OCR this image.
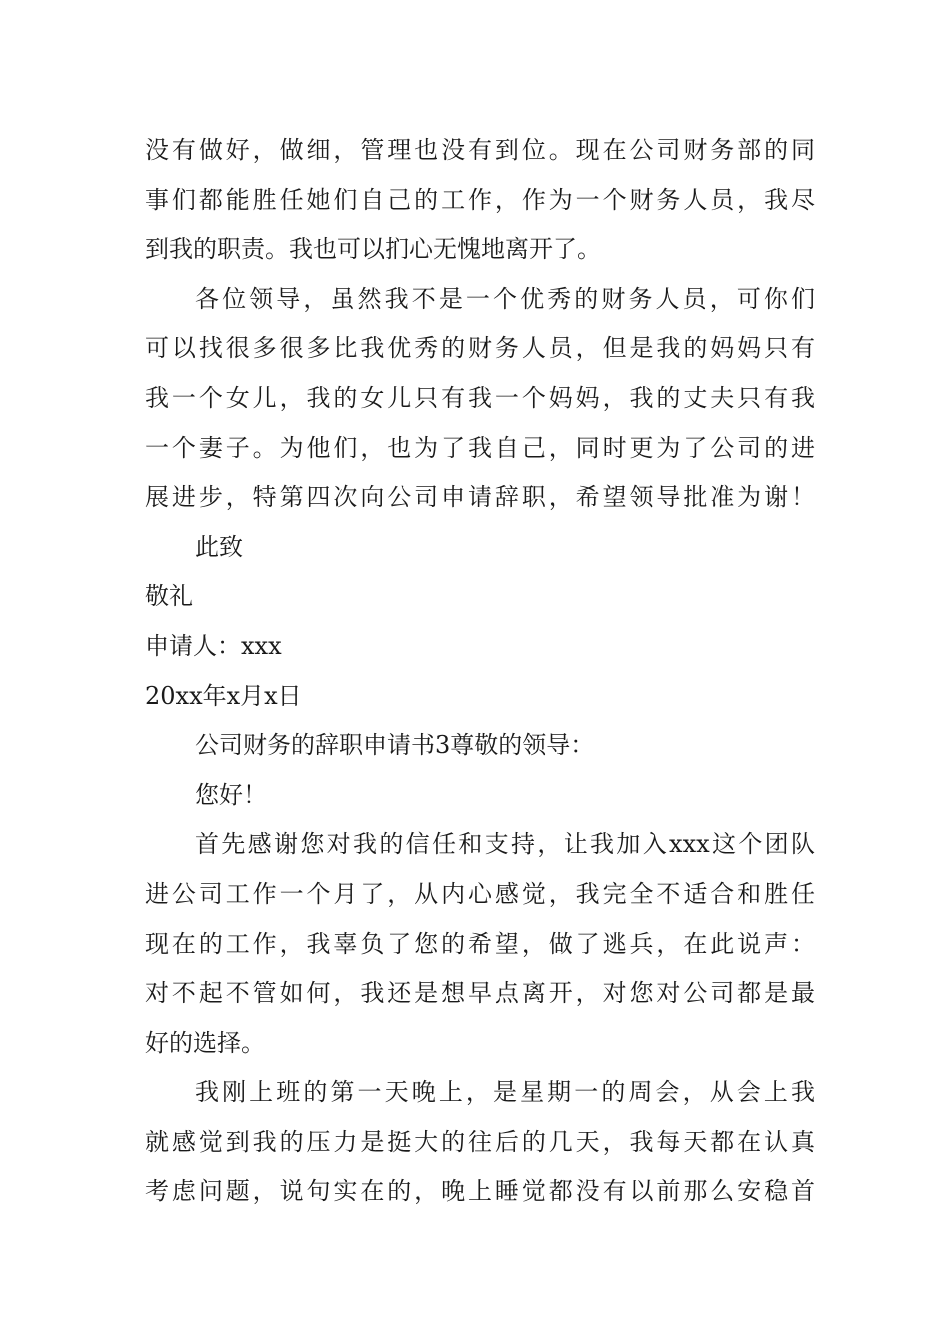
没有做好，做细，管理也没有到位。现在公司财务部的同
事们都能胜任她们自己的工作，作为一个财务人员，我尽
到我的职责。我也可以扪心无愧地离开了。
各位领导，虽然我不是一个优秀的财务人员，可你们
可以找很多很多比我优秀的财务人员，但是我的妈妈只有
我一个女儿，我的女儿只有我一个妈妈，我的丈夫只有我
一个妻子。为他们，也为了我自己，同时更为了公司的进
展进步，特第四次向公司申请辞职，希望领导批准为谢！
此致
敬礼
申请人：xxx
20xx年x月x日
公司财务的辞职申请书3尊敬的领导：
您好！
首先感谢您对我的信任和支持，让我加入xxx这个团队
进公司工作一个月了，从内心感觉，我完全不适合和胜任
现在的工作，我辜负了您的希望，做了逃兵，在此说声：
对不起不管如何，我还是想早点离开，对您对公司都是最
好的选择。
我刚上班的第一天晚上，是星期一的周会，从会上我
就感觉到我的压力是挺大的往后的几天，我每天都在认真
考虑问题，说句实在的，晚上睡觉都没有以前那么安稳首
